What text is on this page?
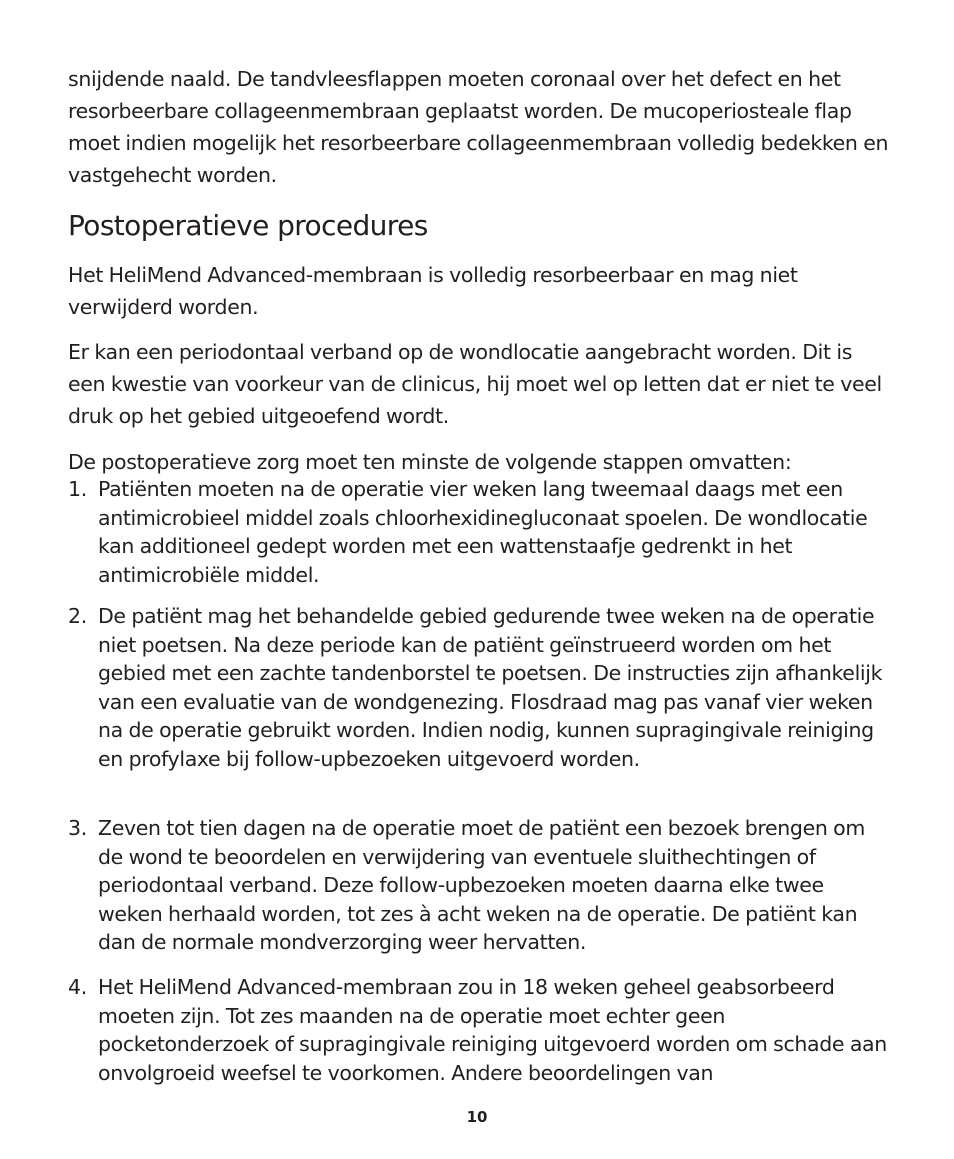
snijdende naald. De tandvleesflappen moeten coronaal over het defect en het resorbeerbare collageenmembraan geplaatst worden. De mucoperiosteale flap moet indien mogelijk het resorbeerbare collageenmembraan volledig bedekken en vastgehecht worden.

Postoperatieve procedures

Het HeliMend Advanced-membraan is volledig resorbeerbaar en mag niet verwijderd worden.

Er kan een periodontaal verband op de wondlocatie aangebracht worden. Dit is een kwestie van voorkeur van de clinicus, hij moet wel op letten dat er niet te veel druk op het gebied uitgeoefend wordt.

De postoperatieve zorg moet ten minste de volgende stappen omvatten:

1. Patiënten moeten na de operatie vier weken lang tweemaal daags met een antimicrobieel middel zoals chloorhexidinegluconaat spoelen. De wondlocatie kan additioneel gedept worden met een wattenstaafje gedrenkt in het antimicrobiële middel.
2. De patiënt mag het behandelde gebied gedurende twee weken na de operatie niet poetsen. Na deze periode kan de patiënt geïnstrueerd worden om het gebied met een zachte tandenborstel te poetsen. De instructies zijn afhankelijk van een evaluatie van de wondgenezing. Flosdraad mag pas vanaf vier weken na de operatie gebruikt worden. Indien nodig, kunnen supragingivale reiniging en profylaxe bij follow-upbezoeken uitgevoerd worden.
3. Zeven tot tien dagen na de operatie moet de patiënt een bezoek brengen om de wond te beoordelen en verwijdering van eventuele sluithechtingen of periodontaal verband. Deze follow-upbezoeken moeten daarna elke twee weken herhaald worden, tot zes à acht weken na de operatie. De patiënt kan dan de normale mondverzorging weer hervatten.
4. Het HeliMend Advanced-membraan zou in 18 weken geheel geabsorbeerd moeten zijn. Tot zes maanden na de operatie moet echter geen pocketonderzoek of supragingivale reiniging uitgevoerd worden om schade aan onvolgroeid weefsel te voorkomen. Andere beoordelingen van
10
